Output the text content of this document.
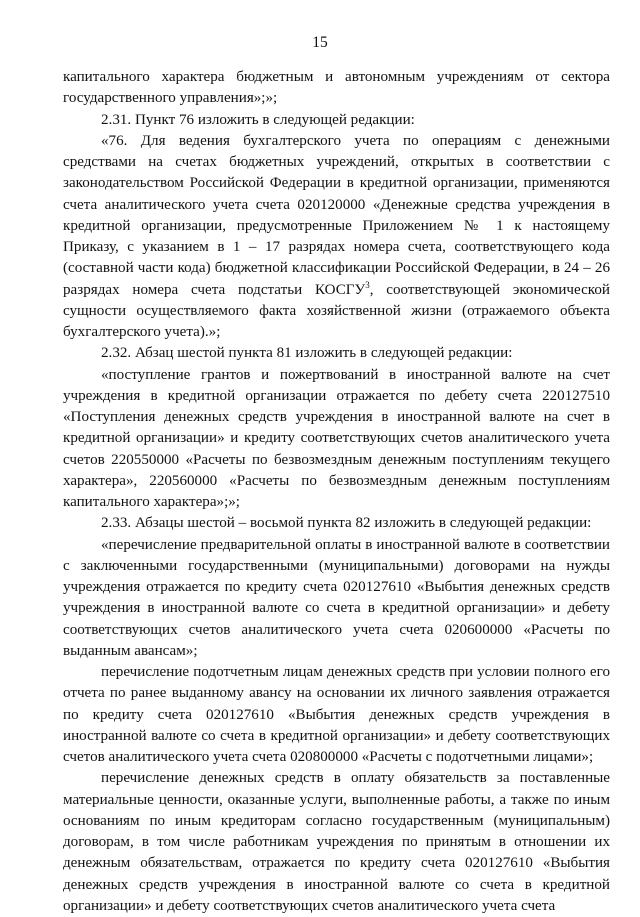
15

капитального характера бюджетным и автономным учреждениям от сектора государственного управления»;»;

2.31. Пункт 76 изложить в следующей редакции:

«76. Для ведения бухгалтерского учета по операциям с денежными средствами на счетах бюджетных учреждений, открытых в соответствии с законодательством Российской Федерации в кредитной организации, применяются счета аналитического учета счета 020120000 «Денежные средства учреждения в кредитной организации, предусмотренные Приложением № 1 к настоящему Приказу, с указанием в 1 – 17 разрядах номера счета, соответствующего кода (составной части кода) бюджетной классификации Российской Федерации, в 24 – 26 разрядах номера счета подстатьи КОСГУ$^3$, соответствующей экономической сущности осуществляемого факта хозяйственной жизни (отражаемого объекта бухгалтерского учета).»;

2.32. Абзац шестой пункта 81 изложить в следующей редакции:

«поступление грантов и пожертвований в иностранной валюте на счет учреждения в кредитной организации отражается по дебету счета 220127510 «Поступления денежных средств учреждения в иностранной валюте на счет в кредитной организации» и кредиту соответствующих счетов аналитического учета счетов 220550000 «Расчеты по безвозмездным денежным поступлениям текущего характера», 220560000 «Расчеты по безвозмездным денежным поступлениям капитального характера»;»;

2.33. Абзацы шестой – восьмой пункта 82 изложить в следующей редакции:

«перечисление предварительной оплаты в иностранной валюте в соответствии с заключенными государственными (муниципальными) договорами на нужды учреждения отражается по кредиту счета 020127610 «Выбытия денежных средств учреждения в иностранной валюте со счета в кредитной организации» и дебету соответствующих счетов аналитического учета счета 020600000 «Расчеты по выданным авансам»;

перечисление подотчетным лицам денежных средств при условии полного его отчета по ранее выданному авансу на основании их личного заявления отражается по кредиту счета 020127610 «Выбытия денежных средств учреждения в иностранной валюте со счета в кредитной организации» и дебету соответствующих счетов аналитического учета счета 020800000 «Расчеты с подотчетными лицами»;

перечисление денежных средств в оплату обязательств за поставленные материальные ценности, оказанные услуги, выполненные работы, а также по иным основаниям по иным кредиторам согласно государственным (муниципальным) договорам, в том числе работникам учреждения по принятым в отношении их денежным обязательствам, отражается по кредиту счета 020127610 «Выбытия денежных средств учреждения в иностранной валюте со счета в кредитной организации» и дебету соответствующих счетов аналитического учета счета
